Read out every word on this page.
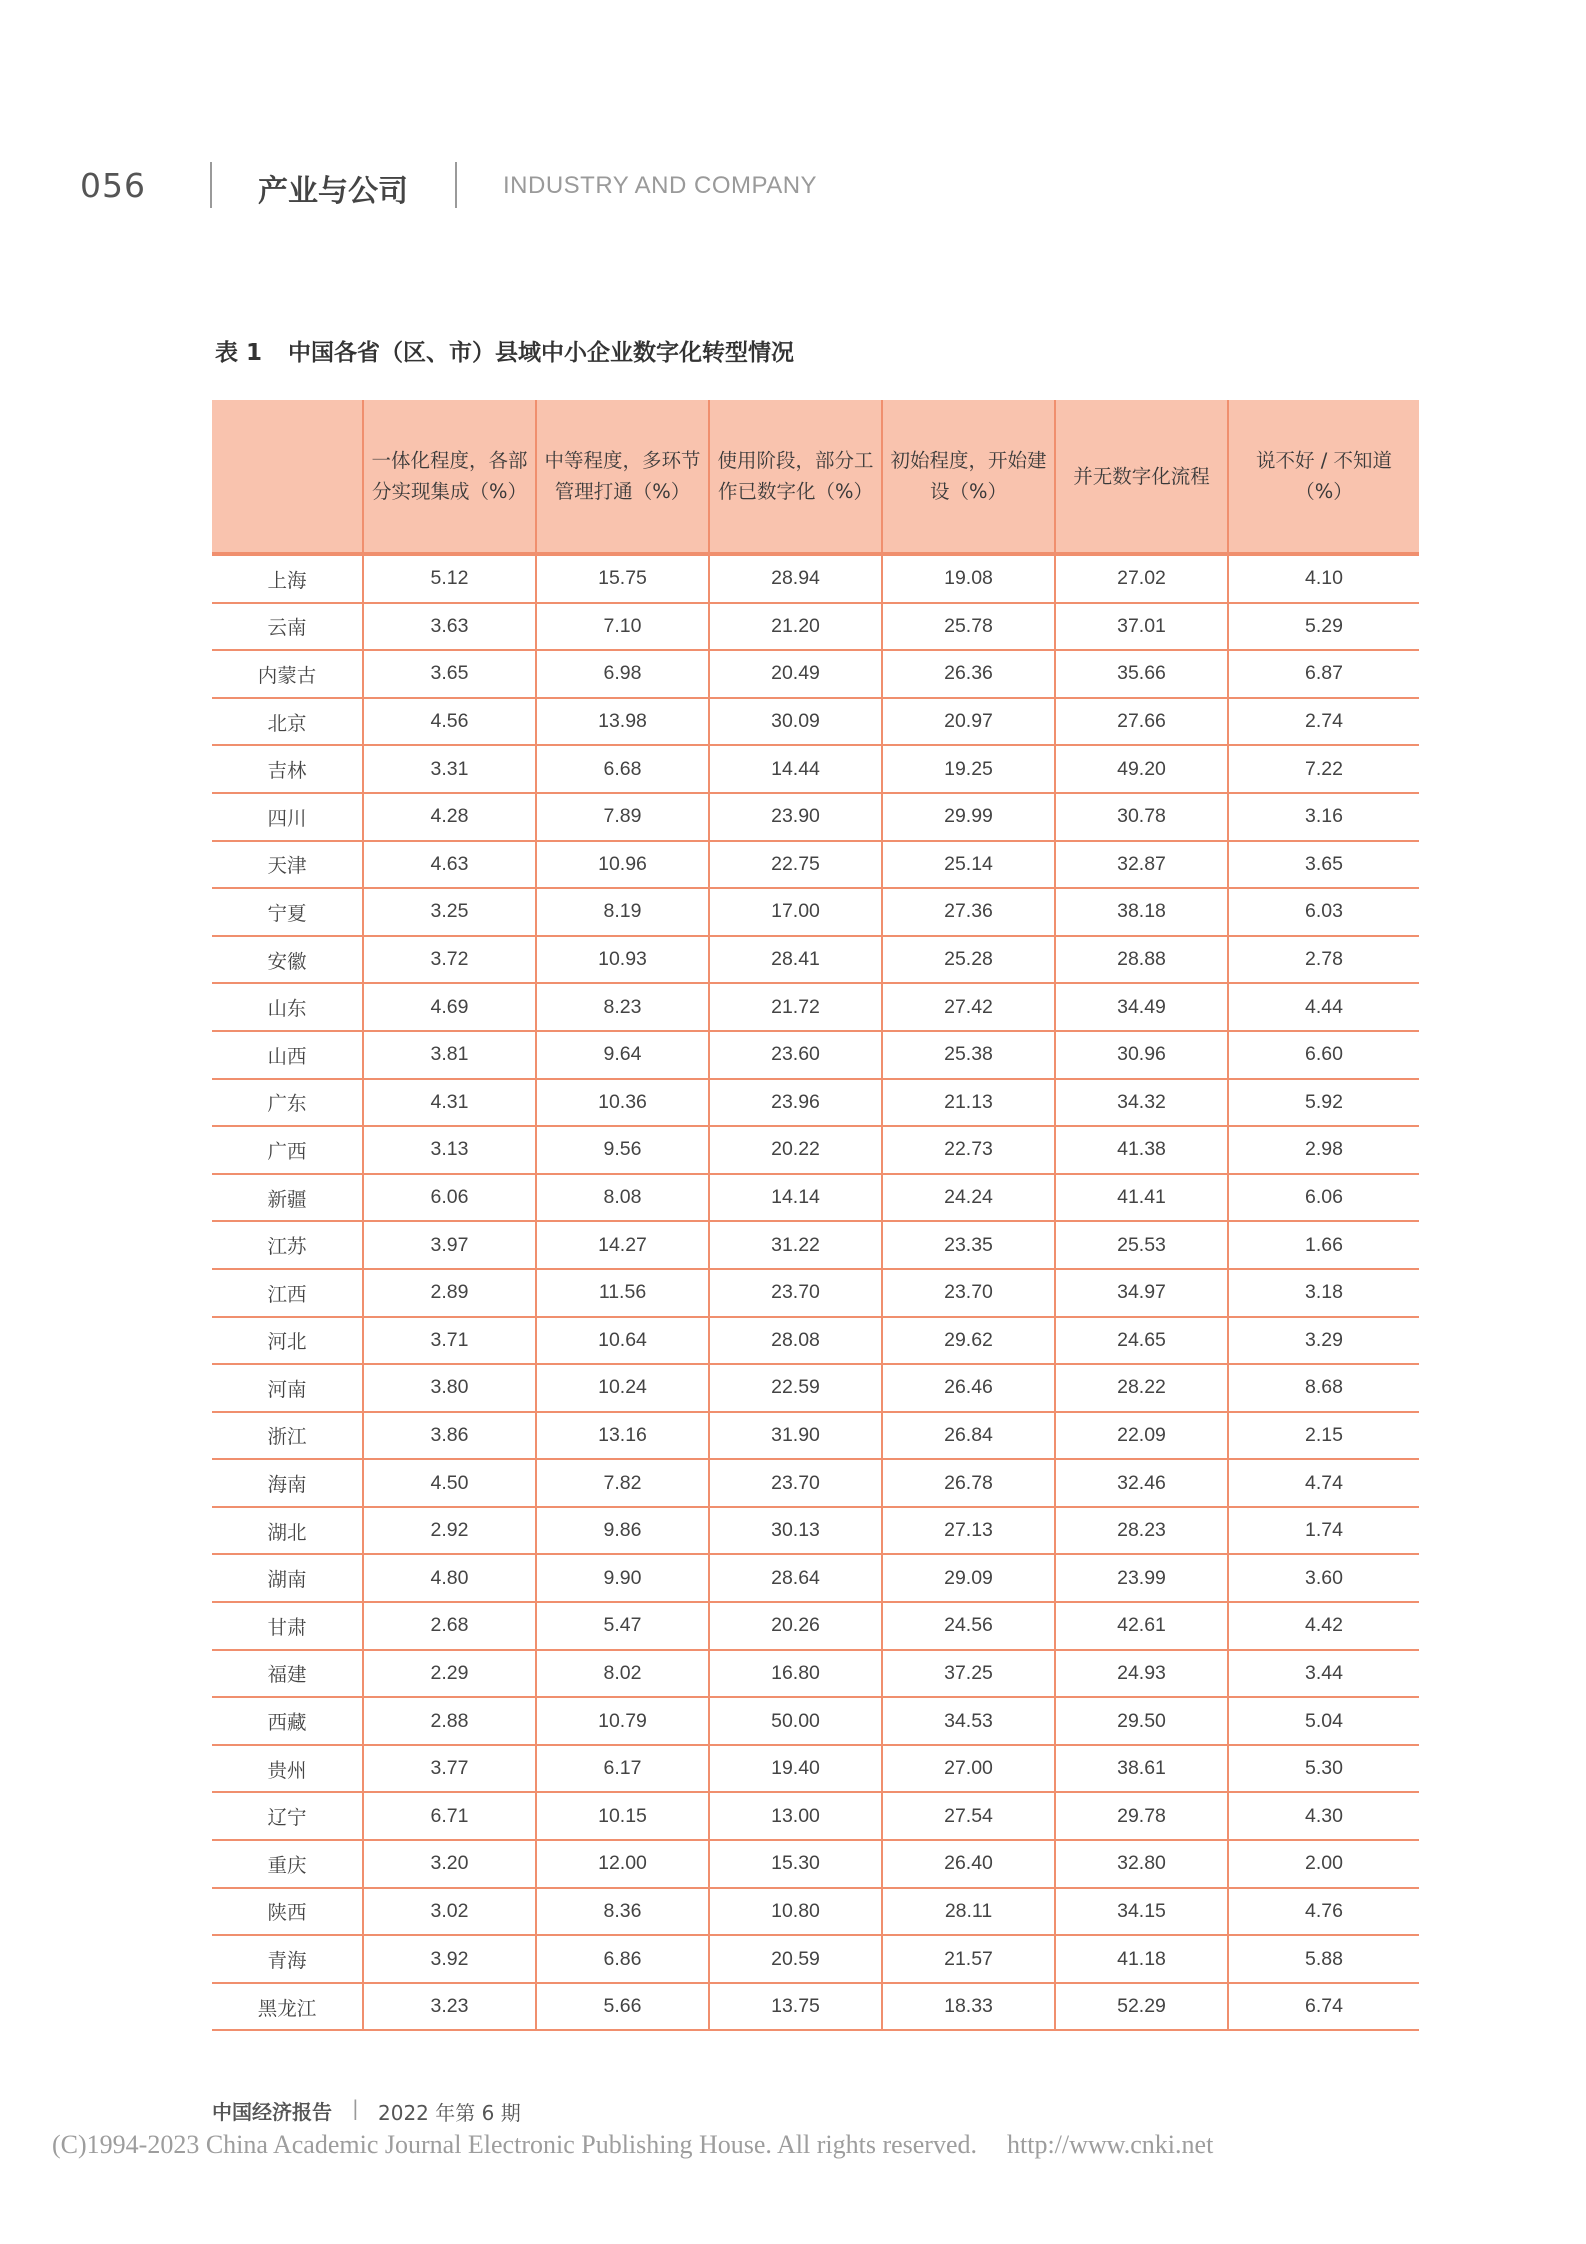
056	产业与公司	INDUSTRY AND COMPANY
表 1 中国各省（区、市）县域中小企业数字化转型情况
	一体化程度，各部分实现集成（%）	中等程度，多环节管理打通（%）	使用阶段，部分工作已数字化（%）	初始程度，开始建设（%）	并无数字化流程	说不好 / 不知道（%）
上海	5.12	15.75	28.94	19.08	27.02	4.10
云南	3.63	7.10	21.20	25.78	37.01	5.29
内蒙古	3.65	6.98	20.49	26.36	35.66	6.87
北京	4.56	13.98	30.09	20.97	27.66	2.74
吉林	3.31	6.68	14.44	19.25	49.20	7.22
四川	4.28	7.89	23.90	29.99	30.78	3.16
天津	4.63	10.96	22.75	25.14	32.87	3.65
宁夏	3.25	8.19	17.00	27.36	38.18	6.03
安徽	3.72	10.93	28.41	25.28	28.88	2.78
山东	4.69	8.23	21.72	27.42	34.49	4.44
山西	3.81	9.64	23.60	25.38	30.96	6.60
广东	4.31	10.36	23.96	21.13	34.32	5.92
广西	3.13	9.56	20.22	22.73	41.38	2.98
新疆	6.06	8.08	14.14	24.24	41.41	6.06
江苏	3.97	14.27	31.22	23.35	25.53	1.66
江西	2.89	11.56	23.70	23.70	34.97	3.18
河北	3.71	10.64	28.08	29.62	24.65	3.29
河南	3.80	10.24	22.59	26.46	28.22	8.68
浙江	3.86	13.16	31.90	26.84	22.09	2.15
海南	4.50	7.82	23.70	26.78	32.46	4.74
湖北	2.92	9.86	30.13	27.13	28.23	1.74
湖南	4.80	9.90	28.64	29.09	23.99	3.60
甘肃	2.68	5.47	20.26	24.56	42.61	4.42
福建	2.29	8.02	16.80	37.25	24.93	3.44
西藏	2.88	10.79	50.00	34.53	29.50	5.04
贵州	3.77	6.17	19.40	27.00	38.61	5.30
辽宁	6.71	10.15	13.00	27.54	29.78	4.30
重庆	3.20	12.00	15.30	26.40	32.80	2.00
陕西	3.02	8.36	10.80	28.11	34.15	4.76
青海	3.92	6.86	20.59	21.57	41.18	5.88
黑龙江	3.23	5.66	13.75	18.33	52.29	6.74
中国经济报告 | 2022 年第 6 期
(C)1994-2023 China Academic Journal Electronic Publishing House. All rights reserved. http://www.cnki.net
